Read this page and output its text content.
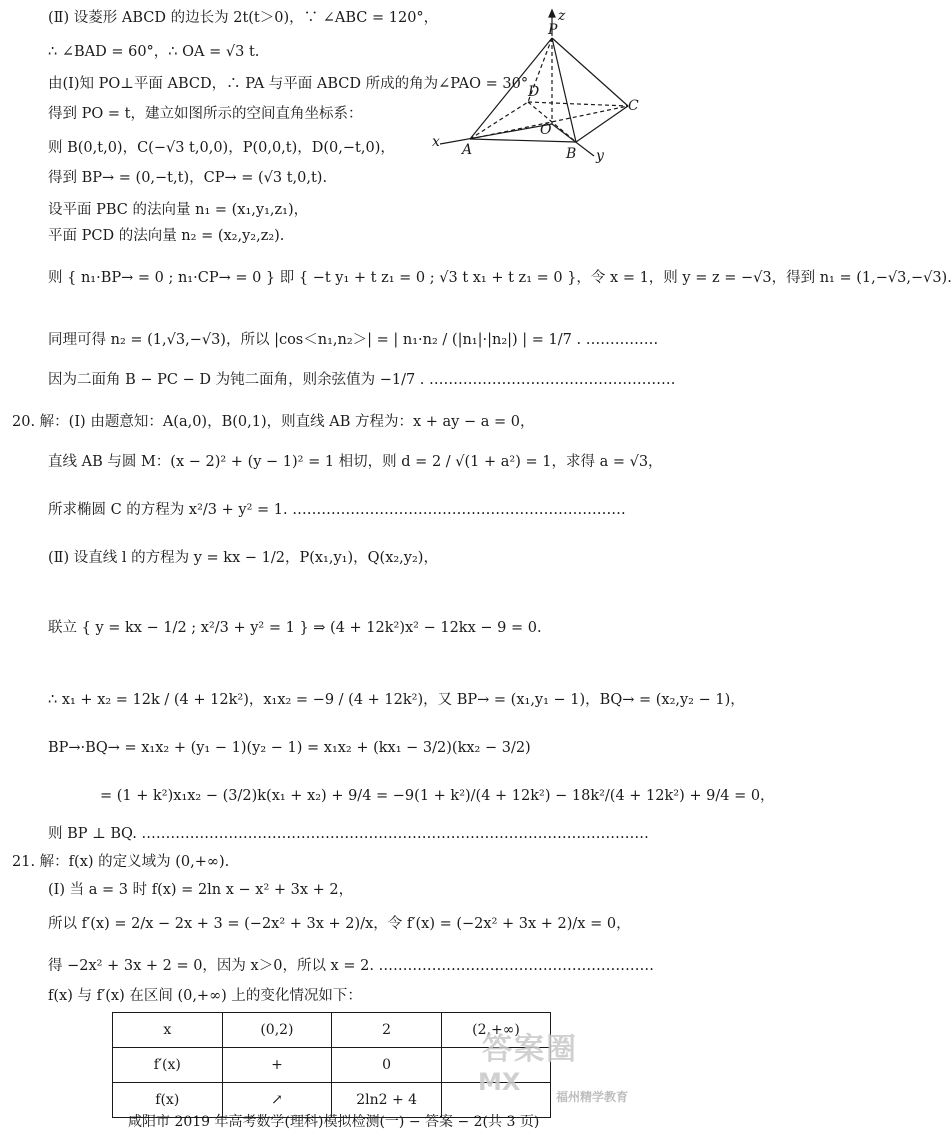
(Ⅱ) 设菱形 ABCD 的边长为 2t(t＞0)，∵ ∠ABC = 120°，
∴ ∠BAD = 60°，∴ OA = √3 t.
由(Ⅰ)知 PO⊥平面 ABCD，∴ PA 与平面 ABCD 所成的角为∠PAO = 30°
得到 PO = t，建立如图所示的空间直角坐标系：
则 B(0,t,0)，C(−√3 t,0,0)，P(0,0,t)，D(0,−t,0)，
得到 BP→ = (0,−t,t)，CP→ = (√3 t,0,t).
设平面 PBC 的法向量 n₁ = (x₁,y₁,z₁)，
平面 PCD 的法向量 n₂ = (x₂,y₂,z₂).
则 { n₁·BP→ = 0 ; n₁·CP→ = 0 } 即 { −t y₁ + t z₁ = 0 ; √3 t x₁ + t z₁ = 0 }，令 x = 1，则 y = z = −√3，得到 n₁ = (1,−√3,−√3).
同理可得 n₂ = (1,√3,−√3)，所以 |cos＜n₁,n₂＞| = | n₁·n₂ / (|n₁|·|n₂|) | = 1/7 . ……………
因为二面角 B − PC − D 为钝二面角，则余弦值为 −1/7 . ……………………………………………
20. 解：(Ⅰ) 由题意知：A(a,0)，B(0,1)，则直线 AB 方程为：x + ay − a = 0，
直线 AB 与圆 M：(x − 2)² + (y − 1)² = 1 相切，则 d = 2 / √(1 + a²) = 1，求得 a = √3，
所求椭圆 C 的方程为 x²/3 + y² = 1. ……………………………………………………………
(Ⅱ) 设直线 l 的方程为 y = kx − 1/2，P(x₁,y₁)，Q(x₂,y₂)，
联立 { y = kx − 1/2 ; x²/3 + y² = 1 } ⇒ (4 + 12k²)x² − 12kx − 9 = 0.
∴ x₁ + x₂ = 12k / (4 + 12k²)，x₁x₂ = −9 / (4 + 12k²)，又 BP→ = (x₁,y₁ − 1)，BQ→ = (x₂,y₂ − 1)，
BP→·BQ→ = x₁x₂ + (y₁ − 1)(y₂ − 1) = x₁x₂ + (kx₁ − 3/2)(kx₂ − 3/2)
= (1 + k²)x₁x₂ − (3/2)k(x₁ + x₂) + 9/4 = −9(1 + k²)/(4 + 12k²) − 18k²/(4 + 12k²) + 9/4 = 0，
则 BP ⊥ BQ. ……………………………………………………………………………………………
21. 解：f(x) 的定义域为 (0,+∞).
(Ⅰ) 当 a = 3 时 f(x) = 2ln x − x² + 3x + 2，
所以 f′(x) = 2/x − 2x + 3 = (−2x² + 3x + 2)/x，令 f′(x) = (−2x² + 3x + 2)/x = 0，
得 −2x² + 3x + 2 = 0，因为 x＞0，所以 x = 2. …………………………………………………
f(x) 与 f′(x) 在区间 (0,+∞) 上的变化情况如下：
z
P
D
C
O
x A	B y
x	(0,2)	2	(2,+∞)
f′(x)	+	0	
f(x)	↗	2ln2 + 4	
答案圈
MX
福州精学教育
咸阳市 2019 年高考数学(理科)模拟检测(一) − 答案 − 2(共 3 页)
